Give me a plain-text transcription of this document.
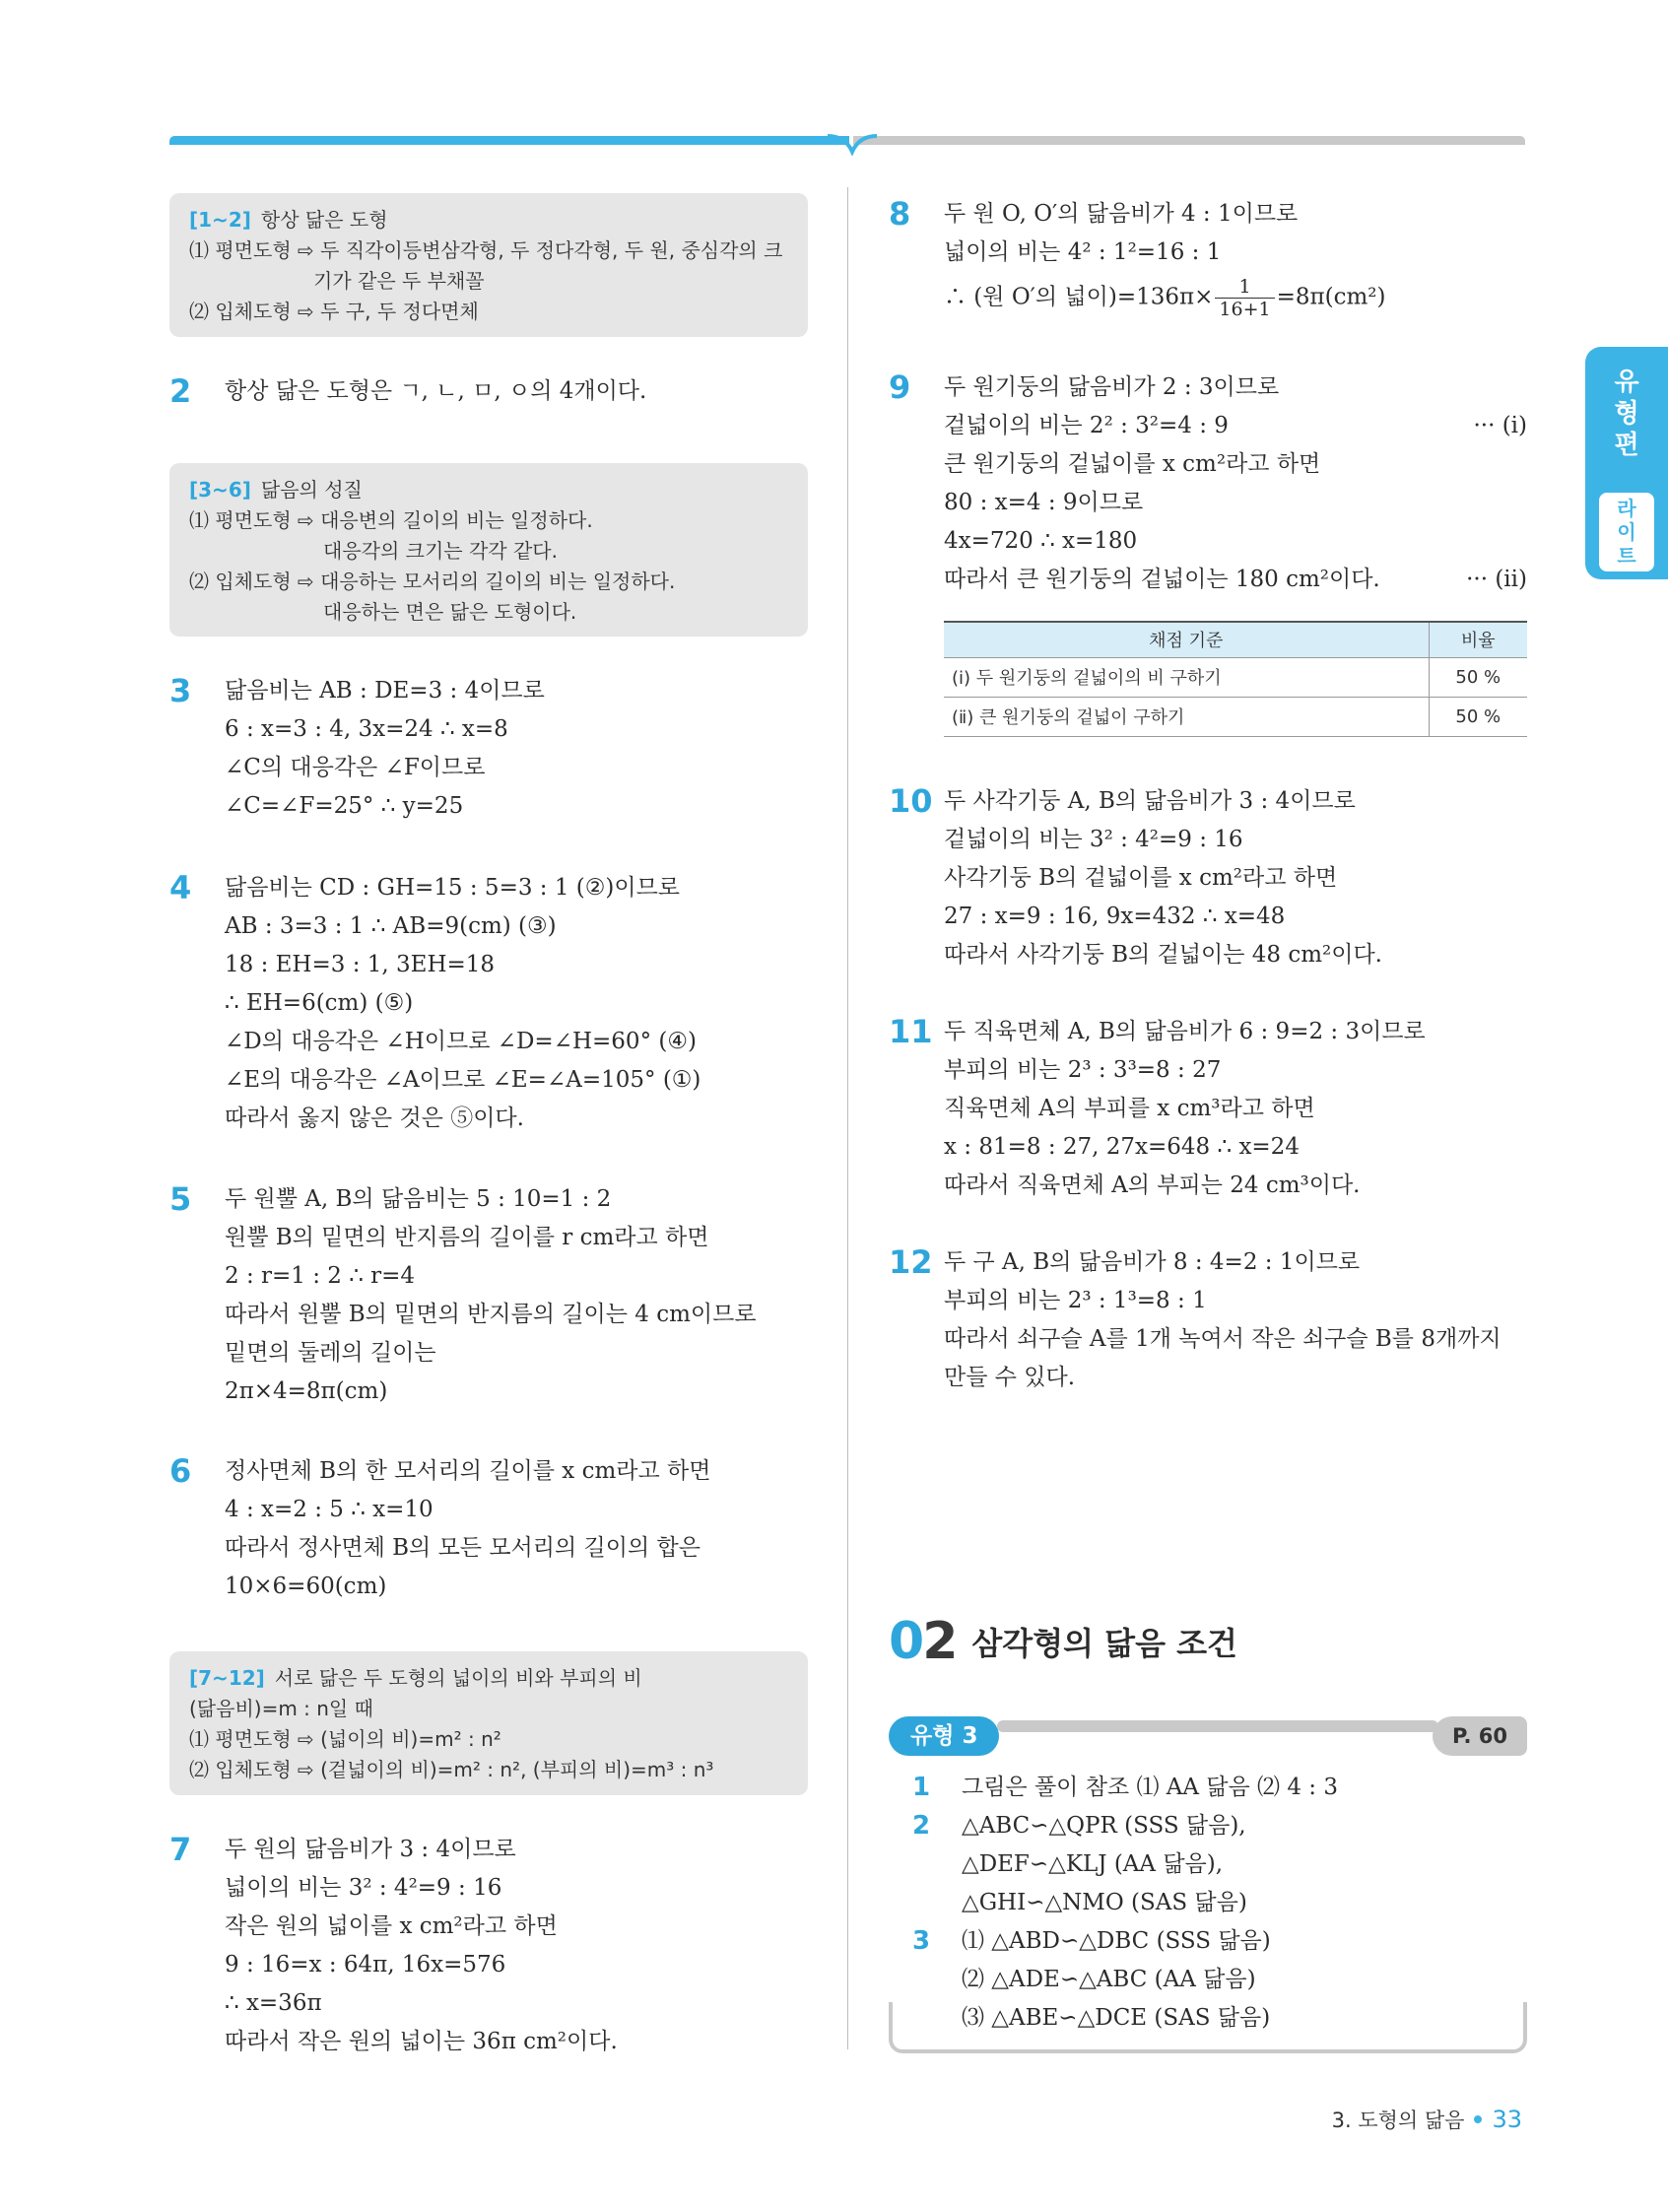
[1~2] 항상 닮은 도형
⑴ 평면도형 ⇨ 두 직각이등변삼각형, 두 정다각형, 두 원, 중심각의 크
기가 같은 두 부채꼴
⑵ 입체도형 ⇨ 두 구, 두 정다면체
2 항상 닮은 도형은 ㄱ, ㄴ, ㅁ, ㅇ의 4개이다.
[3~6] 닮음의 성질
⑴ 평면도형 ⇨ 대응변의 길이의 비는 일정하다.
대응각의 크기는 각각 같다.
⑵ 입체도형 ⇨ 대응하는 모서리의 길이의 비는 일정하다.
대응하는 면은 닮은 도형이다.
3 닮음비는 AB : DE=3 : 4이므로
6 : x=3 : 4, 3x=24 ∴ x=8
∠C의 대응각은 ∠F이므로
∠C=∠F=25° ∴ y=25
4 닮음비는 CD : GH=15 : 5=3 : 1 (②)이므로
AB : 3=3 : 1 ∴ AB=9(cm) (③)
18 : EH=3 : 1, 3EH=18
∴ EH=6(cm) (⑤)
∠D의 대응각은 ∠H이므로 ∠D=∠H=60° (④)
∠E의 대응각은 ∠A이므로 ∠E=∠A=105° (①)
따라서 옳지 않은 것은 ⑤이다.
5 두 원뿔 A, B의 닮음비는 5 : 10=1 : 2
원뿔 B의 밑면의 반지름의 길이를 r cm라고 하면
2 : r=1 : 2 ∴ r=4
따라서 원뿔 B의 밑면의 반지름의 길이는 4 cm이므로
밑면의 둘레의 길이는
2π×4=8π(cm)
6 정사면체 B의 한 모서리의 길이를 x cm라고 하면
4 : x=2 : 5 ∴ x=10
따라서 정사면체 B의 모든 모서리의 길이의 합은
10×6=60(cm)
[7~12] 서로 닮은 두 도형의 넓이의 비와 부피의 비
(닮음비)=m : n일 때
⑴ 평면도형 ⇨ (넓이의 비)=m² : n²
⑵ 입체도형 ⇨ (겉넓이의 비)=m² : n², (부피의 비)=m³ : n³
7 두 원의 닮음비가 3 : 4이므로
넓이의 비는 3² : 4²=9 : 16
작은 원의 넓이를 x cm²라고 하면
9 : 16=x : 64π, 16x=576
∴ x=36π
따라서 작은 원의 넓이는 36π cm²이다.
8 두 원 O, O′의 닮음비가 4 : 1이므로
넓이의 비는 4² : 1²=16 : 1
∴ (원 O′의 넓이)$=136\pi\times \frac{1}{16+1} =8\pi(cm^2)$
9 두 원기둥의 닮음비가 2 : 3이므로
겉넓이의 비는 2² : 3²=4 : 9	··· (ⅰ)
큰 원기둥의 겉넓이를 x cm²라고 하면
80 : x=4 : 9이므로
4x=720 ∴ x=180
따라서 큰 원기둥의 겉넓이는 180 cm²이다.	··· (ⅱ)
채점 기준	비율
(ⅰ) 두 원기둥의 겉넓이의 비 구하기	50 %
(ⅱ) 큰 원기둥의 겉넓이 구하기	50 %
10 두 사각기둥 A, B의 닮음비가 3 : 4이므로
겉넓이의 비는 3² : 4²=9 : 16
사각기둥 B의 겉넓이를 x cm²라고 하면
27 : x=9 : 16, 9x=432 ∴ x=48
따라서 사각기둥 B의 겉넓이는 48 cm²이다.
11 두 직육면체 A, B의 닮음비가 6 : 9=2 : 3이므로
부피의 비는 2³ : 3³=8 : 27
직육면체 A의 부피를 x cm³라고 하면
x : 81=8 : 27, 27x=648 ∴ x=24
따라서 직육면체 A의 부피는 24 cm³이다.
12 두 구 A, B의 닮음비가 8 : 4=2 : 1이므로
부피의 비는 2³ : 1³=8 : 1
따라서 쇠구슬 A를 1개 녹여서 작은 쇠구슬 B를 8개까지
만들 수 있다.
02 삼각형의 닮음 조건
유형 3	P. 60
1 그림은 풀이 참조 ⑴ AA 닮음 ⑵ 4 : 3
2 △ABC∽△QPR (SSS 닮음),
△DEF∽△KLJ (AA 닮음),
△GHI∽△NMO (SAS 닮음)
3 ⑴ △ABD∽△DBC (SSS 닮음)
⑵ △ADE∽△ABC (AA 닮음)
⑶ △ABE∽△DCE (SAS 닮음)
유형편
라이트
3. 도형의 닮음 33
